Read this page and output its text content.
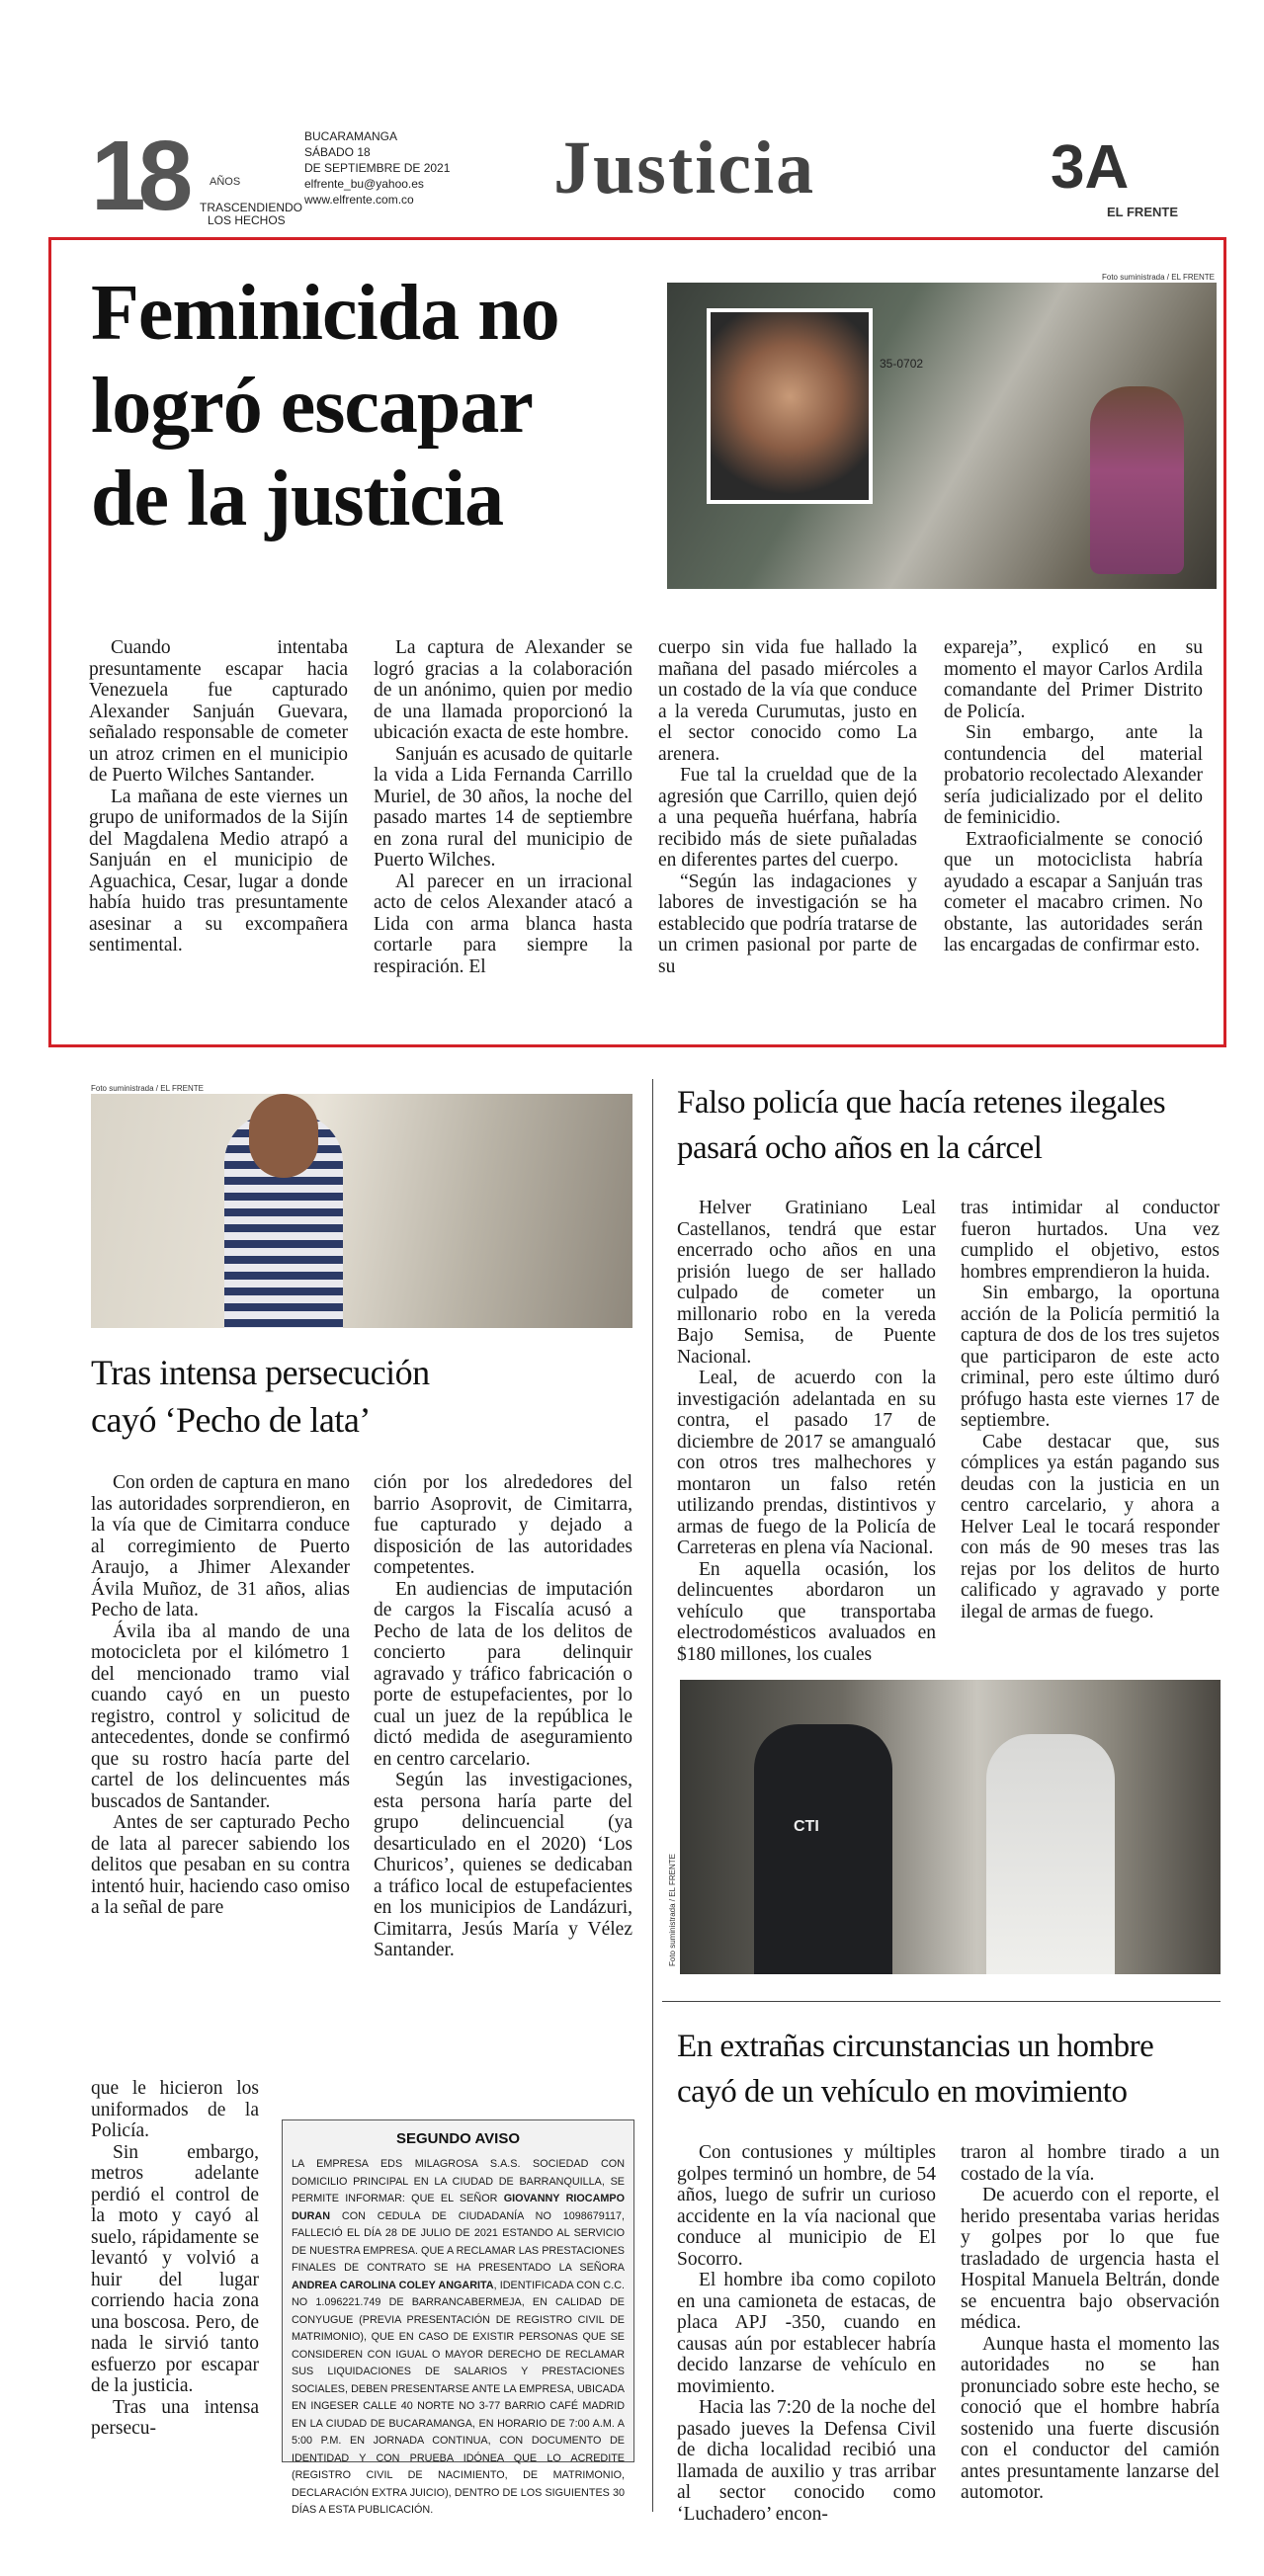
18 AÑOS
TRASCENDIENDO
LOS HECHOS
BUCARAMANGA
SÁBADO 18
DE SEPTIEMBRE DE 2021
elfrente_bu@yahoo.es
www.elfrente.com.co	Justicia	3A
EL FRENTE
Feminicida no
logró escapar
de la justicia
Foto suministrada / EL FRENTE
35-0702

Cuando intentaba presuntamente escapar hacia Venezuela fue capturado Alexander Sanjuán Guevara, señalado responsable de cometer un atroz crimen en el municipio de Puerto Wilches Santander.

La mañana de este viernes un grupo de uniformados de la Sijín del Magdalena Medio atrapó a Sanjuán en el municipio de Aguachica, Cesar, lugar a donde había huido tras presuntamente asesinar a su excompañera sentimental.

La captura de Alexander se logró gracias a la colaboración de un anónimo, quien por medio de una llamada proporcionó la ubicación exacta de este hombre.

Sanjuán es acusado de quitarle la vida a Lida Fernanda Carrillo Muriel, de 30 años, la noche del pasado martes 14 de septiembre en zona rural del municipio de Puerto Wilches.

Al parecer en un irracional acto de celos Alexander atacó a Lida con arma blanca hasta cortarle para siempre la respiración. El

cuerpo sin vida fue hallado la mañana del pasado miércoles a un costado de la vía que conduce a la vereda Curumutas, justo en el sector conocido como La arenera.

Fue tal la crueldad que de la agresión que Carrillo, quien dejó a una pequeña huérfana, habría recibido más de siete puñaladas en diferentes partes del cuerpo.

“Según las indagaciones y labores de investigación se ha establecido que podría tratarse de un crimen pasional por parte de su

expareja”, explicó en su momento el mayor Carlos Ardila comandante del Primer Distrito de Policía.

Sin embargo, ante la contundencia del material probatorio recolectado Alexander sería judicializado por el delito de feminicidio.

Extraoficialmente se conoció que un motociclista habría ayudado a escapar a Sanjuán tras cometer el macabro crimen. No obstante, las autoridades serán las encargadas de confirmar esto.

Foto suministrada / EL FRENTE
Tras intensa persecución
cayó ‘Pecho de lata’

Con orden de captura en mano las autoridades sorprendieron, en la vía que de Cimitarra conduce al corregimiento de Puerto Araujo, a Jhimer Alexander Ávila Muñoz, de 31 años, alias Pecho de lata.

Ávila iba al mando de una motocicleta por el kilómetro 1 del mencionado tramo vial cuando cayó en un puesto registro, control y solicitud de antecedentes, donde se confirmó que su rostro hacía parte del cartel de los delincuentes más buscados de Santander.

Antes de ser capturado Pecho de lata al parecer sabiendo los delitos que pesaban en su contra intentó huir, haciendo caso omiso a la señal de pare

que le hicieron los uniformados de la Policía.

Sin embargo, metros adelante perdió el control de la moto y cayó al suelo, rápidamente se levantó y volvió a huir del lugar corriendo hacia zona una boscosa. Pero, de nada le sirvió tanto esfuerzo por escapar de la justicia.

Tras una intensa persecu-

ción por los alrededores del barrio Asoprovit, de Cimitarra, fue capturado y dejado a disposición de las autoridades competentes.

En audiencias de imputación de cargos la Fiscalía acusó a Pecho de lata de los delitos de concierto para delinquir agravado y tráfico fabricación o porte de estupefacientes, por lo cual un juez de la república le dictó medida de aseguramiento en centro carcelario.

Según las investigaciones, esta persona haría parte del grupo delincuencial (ya desarticulado en el 2020) ‘Los Churicos’, quienes se dedicaban a tráfico local de estupefacientes en los municipios de Landázuri, Cimitarra, Jesús María y Vélez Santander.

SEGUNDO AVISO
LA EMPRESA EDS MILAGROSA S.A.S. SOCIEDAD CON DOMICILIO PRINCIPAL EN LA CIUDAD DE BARRANQUILLA, SE PERMITE INFORMAR: QUE EL SEÑOR GIOVANNY RIOCAMPO DURAN CON CEDULA DE CIUDADANÍA NO 1098679117, FALLECIÓ EL DÍA 28 DE JULIO DE 2021 ESTANDO AL SERVICIO DE NUESTRA EMPRESA. QUE A RECLAMAR LAS PRESTACIONES FINALES DE CONTRATO SE HA PRESENTADO LA SEÑORA ANDREA CAROLINA COLEY ANGARITA, IDENTIFICADA CON C.C. NO 1.096221.749 DE BARRANCABERMEJA, EN CALIDAD DE CONYUGUE (PREVIA PRESENTACIÓN DE REGISTRO CIVIL DE MATRIMONIO), QUE EN CASO DE EXISTIR PERSONAS QUE SE CONSIDEREN CON IGUAL O MAYOR DERECHO DE RECLAMAR SUS LIQUIDACIONES DE SALARIOS Y PRESTACIONES SOCIALES, DEBEN PRESENTARSE ANTE LA EMPRESA, UBICADA EN INGESER CALLE 40 NORTE NO 3-77 BARRIO CAFÉ MADRID EN LA CIUDAD DE BUCARAMANGA, EN HORARIO DE 7:00 A.M. A 5:00 P.M. EN JORNADA CONTINUA, CON DOCUMENTO DE IDENTIDAD Y CON PRUEBA IDÓNEA QUE LO ACREDITE (REGISTRO CIVIL DE NACIMIENTO, DE MATRIMONIO, DECLARACIÓN EXTRA JUICIO), DENTRO DE LOS SIGUIENTES 30 DÍAS A ESTA PUBLICACIÓN.
Falso policía que hacía retenes ilegales
pasará ocho años en la cárcel

Helver Gratiniano Leal Castellanos, tendrá que estar encerrado ocho años en una prisión luego de ser hallado culpado de cometer un millonario robo en la vereda Bajo Semisa, de Puente Nacional.

Leal, de acuerdo con la investigación adelantada en su contra, el pasado 17 de diciembre de 2017 se amangualó con otros tres malhechores y montaron un falso retén utilizando prendas, distintivos y armas de fuego de la Policía de Carreteras en plena vía Nacional.

En aquella ocasión, los delincuentes abordaron un vehículo que transportaba electrodomésticos avaluados en $180 millones, los cuales

tras intimidar al conductor fueron hurtados. Una vez cumplido el objetivo, estos hombres emprendieron la huida.

Sin embargo, la oportuna acción de la Policía permitió la captura de dos de los tres sujetos que participaron de este acto criminal, pero este último duró prófugo hasta este viernes 17 de septiembre.

Cabe destacar que, sus cómplices ya están pagando sus deudas con la justicia en un centro carcelario, y ahora a Helver Leal le tocará responder con más de 90 meses tras las rejas por los delitos de hurto calificado y agravado y porte ilegal de armas de fuego.

CTI
Foto suministrada / EL FRENTE
En extrañas circunstancias un hombre
cayó de un vehículo en movimiento

Con contusiones y múltiples golpes terminó un hombre, de 54 años, luego de sufrir un curioso accidente en la vía nacional que conduce al municipio de El Socorro.

El hombre iba como copiloto en una camioneta de estacas, de placa APJ -350, cuando en causas aún por establecer habría decido lanzarse de vehículo en movimiento.

Hacia las 7:20 de la noche del pasado jueves la Defensa Civil de dicha localidad recibió una llamada de auxilio y tras arribar al sector conocido como ‘Luchadero’ encon-

traron al hombre tirado a un costado de la vía.

De acuerdo con el reporte, el herido presentaba varias heridas y golpes por lo que fue trasladado de urgencia hasta el Hospital Manuela Beltrán, donde se encuentra bajo observación médica.

Aunque hasta el momento las autoridades no se han pronunciado sobre este hecho, se conoció que el hombre habría sostenido una fuerte discusión con el conductor del camión antes presuntamente lanzarse del automotor.
